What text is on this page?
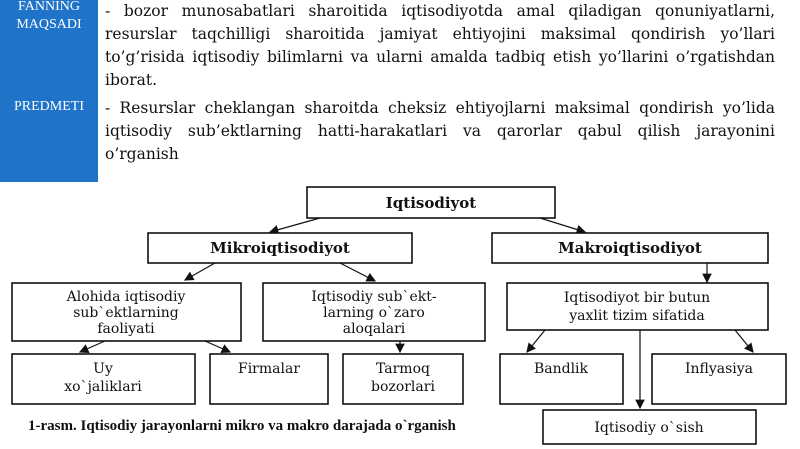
FANNING
MAQSADI
PREDMETI

- bozor munosabatlari sharoitida iqtisodiyotda amal qiladigan qonuniyatlarni, resurslar taqchilligi sharoitida jamiyat ehtiyojini maksimal qondirish yo’llari to’g’risida iqtisodiy bilimlarni va ularni amalda tadbiq etish yo’llarini o’rgatishdan iborat.

- Resurslar cheklangan sharoitda cheksiz ehtiyojlarni maksimal qondirish yo’lida iqtisodiy sub’ektlarning hatti-harakatlari va qarorlar qabul qilish jarayonini o’rganish

Iqtisodiyot
Mikroiqtisodiyot	Makroiqtisodiyot
Alohida iqtisodiy
sub`ektlarning
faoliyati
Iqtisodiy sub`ekt-
larning o`zaro
aloqalari
Iqtisodiyot bir butun
yaxlit tizim sifatida
Uy
xo`jaliklari
Firmalar	Tarmoq
bozorlari
Bandlik	Inflyasiya
Iqtisodiy o`sish
1-rasm. Iqtisodiy jarayonlarni mikro va makro darajada o`rganish
